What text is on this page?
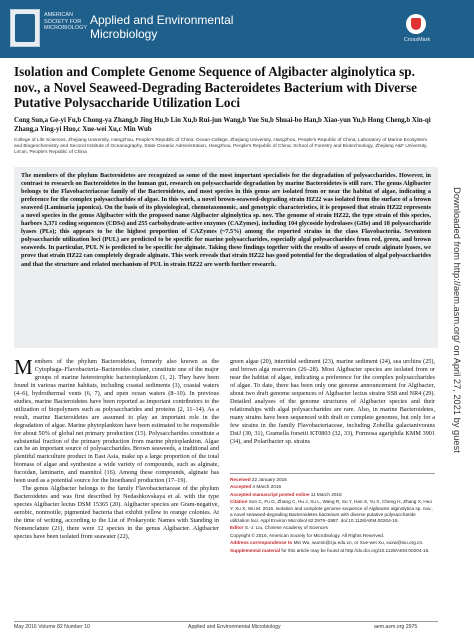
AMERICAN SOCIETY FOR MICROBIOLOGY
Applied and Environmental
Microbiology	CrossMark
Isolation and Complete Genome Sequence of Algibacter alginolytica sp. nov., a Novel Seaweed-Degrading Bacteroidetes Bacterium with Diverse Putative Polysaccharide Utilization Loci
Cong Sun,a Ge-yi Fu,b Chong-ya Zhang,b Jing Hu,b Lin Xu,b Rui-jun Wang,b Yue Su,b Shuai-bo Han,b Xiao-yun Yu,b Hong Cheng,b Xin-qi Zhang,a Ying-yi Huo,c Xue-wei Xu,c Min Wub
College of Life Sciences, Zhejiang University, Hangzhou, People's Republic of China; Ocean College, Zhejiang University, Hangzhou, People's Republic of China; Laboratory of Marine Ecosystem and Biogeochemistry and Second Institute of Oceanography, State Oceanic Administration, Hangzhou, People's Republic of China; School of Forestry and Biotechnology, Zhejiang A&F University, Lin'an, People's Republic of China
The members of the phylum Bacteroidetes are recognized as some of the most important specialists for the degradation of polysaccharides. However, in contrast to research on Bacteroidetes in the human gut, research on polysaccharide degradation by marine Bacteroidetes is still rare. The genus Algibacter belongs to the Flavobacteriaceae family of the Bacteroidetes, and most species in this genus are isolated from or near the habitat of algae, indicating a preference for the complex polysaccharides of algae. In this work, a novel brown-seaweed-degrading strain HZ22 was isolated from the surface of a brown seaweed (Laminaria japonica). On the basis of its physiological, chemotaxonomic, and genotypic characteristics, it is proposed that strain HZ22 represents a novel species in the genus Algibacter with the proposed name Algibacter alginolytica sp. nov. The genome of strain HZ22, the type strain of this species, harbors 3,371 coding sequences (CDSs) and 255 carbohydrate-active enzymes (CAZymes), including 104 glycoside hydrolases (GHs) and 18 polysaccharide lyases (PLs); this appears to be the highest proportion of CAZymes (~7.5%) among the reported strains in the class Flavobacteriia. Seventeen polysaccharide utilization loci (PUL) are predicted to be specific for marine polysaccharides, especially algal polysaccharides from red, green, and brown seaweeds. In particular, PUL N is predicted to be specific for alginate. Taking these findings together with the results of assays of crude alginate lyases, we prove that strain HZ22 can completely degrade alginate. This work reveals that strain HZ22 has good potential for the degradation of algal polysaccharides and that the structure and related mechanism of PUL in strain HZ22 are worth further research.

Members of the phylum Bacteroidetes, formerly also known as the Cytophaga–Flavobacteria–Bacteroides cluster, constitute one of the major groups of marine heterotrophic bacterioplankton (1, 2). They have been found in various marine habitats, including coastal sediments (3), coastal waters (4–6), hydrothermal vents (6, 7), and open ocean waters (8–10). In previous studies, marine Bacteroidetes have been reported as important contributors to the utilization of biopolymers such as polysaccharides and proteins (2, 11–14). As a result, marine Bacteroidetes are assumed to play an important role in the degradation of algae. Marine phytoplankton have been estimated to be responsible for about 50% of global net primary production (15). Polysaccharides constitute a substantial fraction of the primary production from marine phytoplankton. Algae can be an important source of polysaccharides. Brown seaweeds, a traditional and plentiful mariculture product in East Asia, make up a large proportion of the total biomass of algae and synthesize a wide variety of compounds, such as alginate, fucoidan, laminarin, and mannitol (16). Among these compounds, alginate has been used as a potential source for the bioethanol production (17–19).

The genus Algibacter belongs to the family Flavobacteriaceae of the phylum Bacteroidetes and was first described by Nedashkovskaya et al. with the type species Algibacter lectus DSM 15365 (20). Algibacter species are Gram-negative, aerobic, nonmotile, pigmented bacteria that exhibit yellow to orange colonies. At the time of writing, according to the List of Prokaryotic Names with Standing in Nomenclature (21), there were 12 species in the genus Algibacter. Algibacter species have been isolated from seawater (22),

green algae (20), intertidal sediment (23), marine sediment (24), sea urchins (25), and brown alga reservoirs (26–28). Most Algibacter species are isolated from or near the habitat of algae, indicating a preference for the complex polysaccharides of algae. To date, there has been only one genome announcement for Algibacter, about two draft genome sequences of Algibacter lectus strains SS8 and NR4 (29). Detailed analyses of the genome structures of Algibacter species and their relationships with algal polysaccharides are rare. Also, in marine Bacteroidetes, many strains have been sequenced with draft or complete genomes, but only for a few strains in the family Flavobacteriaceae, including Zobellia galactanivorans DsiJ (30, 31), Gramella forsetii KT0803 (32, 33), Formosa agariphila KMM 3901 (34), and Polaribacter sp. strains

Received 22 January 2016
Accepted 4 March 2016
Accepted manuscript posted online 11 March 2016
Citation Sun C, Fu G, Zhang C, Hu J, Xu L, Wang R, Su Y, Han S, Yu X, Cheng H, Zhang X, Huo Y, Xu X, Wu M. 2016. Isolation and complete genome sequence of Algibacter alginolytica sp. nov., a novel seaweed-degrading Bacteroidetes bacterium with diverse putative polysaccharide utilization loci. Appl Environ Microbiol 82:2975–2987. doi:10.1128/AEM.00204-16.
Editor S.-J. Liu, Chinese Academy of Sciences
Copyright © 2016, American Society for Microbiology. All Rights Reserved.
Address correspondence to Min Wu, wumin@zju.edu.cn, or Xue-wei Xu, xuxw@sio.org.cn.
Supplemental material for this article may be found at http://dx.doi.org/10.1128/AEM.00204-16.
Downloaded from http://aem.asm.org/ on April 27, 2021 by guest
May 2016 Volume 82 Number 10	Applied and Environmental Microbiology	aem.asm.org 2975
